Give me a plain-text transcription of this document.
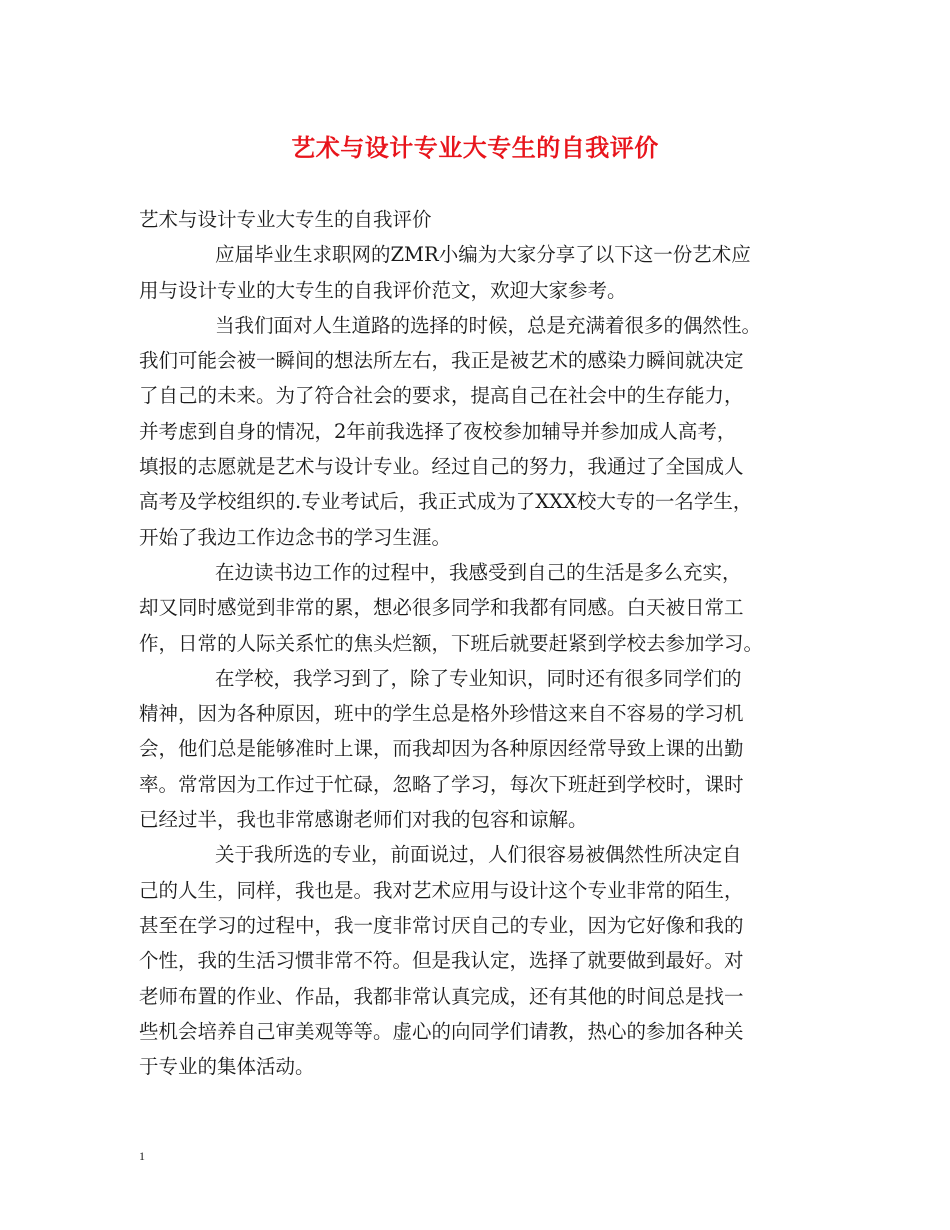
艺术与设计专业大专生的自我评价
艺术与设计专业大专生的自我评价
应届毕业生求职网的ZMR小编为大家分享了以下这一份艺术应
用与设计专业的大专生的自我评价范文，欢迎大家参考。
当我们面对人生道路的选择的时候，总是充满着很多的偶然性。
我们可能会被一瞬间的想法所左右，我正是被艺术的感染力瞬间就决定
了自己的未来。为了符合社会的要求，提高自己在社会中的生存能力，
并考虑到自身的情况，2年前我选择了夜校参加辅导并参加成人高考，
填报的志愿就是艺术与设计专业。经过自己的努力，我通过了全国成人
高考及学校组织的.专业考试后，我正式成为了XXX校大专的一名学生，
开始了我边工作边念书的学习生涯。
在边读书边工作的过程中，我感受到自己的生活是多么充实，
却又同时感觉到非常的累，想必很多同学和我都有同感。白天被日常工
作，日常的人际关系忙的焦头烂额，下班后就要赶紧到学校去参加学习。
在学校，我学习到了，除了专业知识，同时还有很多同学们的
精神，因为各种原因，班中的学生总是格外珍惜这来自不容易的学习机
会，他们总是能够准时上课，而我却因为各种原因经常导致上课的出勤
率。常常因为工作过于忙碌，忽略了学习，每次下班赶到学校时，课时
已经过半，我也非常感谢老师们对我的包容和谅解。
关于我所选的专业，前面说过，人们很容易被偶然性所决定自
己的人生，同样，我也是。我对艺术应用与设计这个专业非常的陌生，
甚至在学习的过程中，我一度非常讨厌自己的专业，因为它好像和我的
个性，我的生活习惯非常不符。但是我认定，选择了就要做到最好。对
老师布置的作业、作品，我都非常认真完成，还有其他的时间总是找一
些机会培养自己审美观等等。虚心的向同学们请教，热心的参加各种关
于专业的集体活动。
1
